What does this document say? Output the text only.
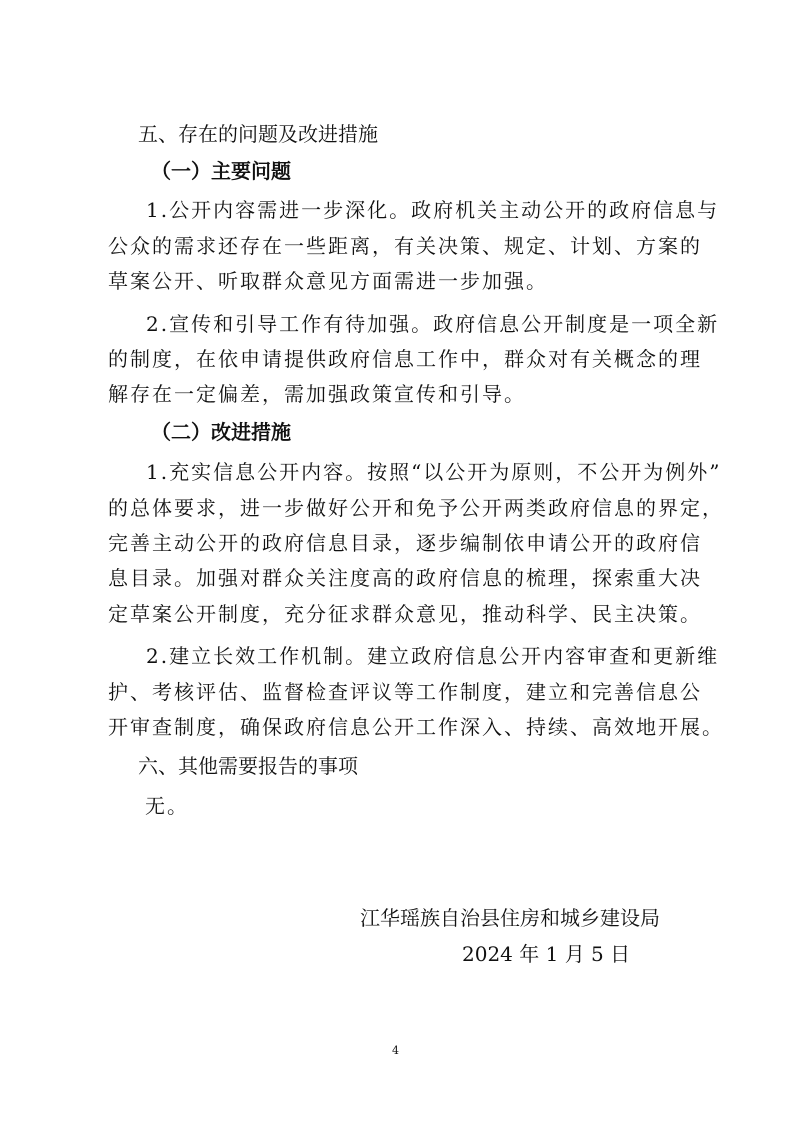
五、存在的问题及改进措施
（一）主要问题
1.公开内容需进一步深化。政府机关主动公开的政府信息与
公众的需求还存在一些距离，有关决策、规定、计划、方案的
草案公开、听取群众意见方面需进一步加强。
2.宣传和引导工作有待加强。政府信息公开制度是一项全新
的制度，在依申请提供政府信息工作中，群众对有关概念的理
解存在一定偏差，需加强政策宣传和引导。
（二）改进措施
1.充实信息公开内容。按照“以公开为原则，不公开为例外”
的总体要求，进一步做好公开和免予公开两类政府信息的界定，
完善主动公开的政府信息目录，逐步编制依申请公开的政府信
息目录。加强对群众关注度高的政府信息的梳理，探索重大决
定草案公开制度，充分征求群众意见，推动科学、民主决策。
2.建立长效工作机制。建立政府信息公开内容审查和更新维
护、考核评估、监督检查评议等工作制度，建立和完善信息公
开审查制度，确保政府信息公开工作深入、持续、高效地开展。
六、其他需要报告的事项
无。
江华瑶族自治县住房和城乡建设局
2024 年 1 月 5 日
4
